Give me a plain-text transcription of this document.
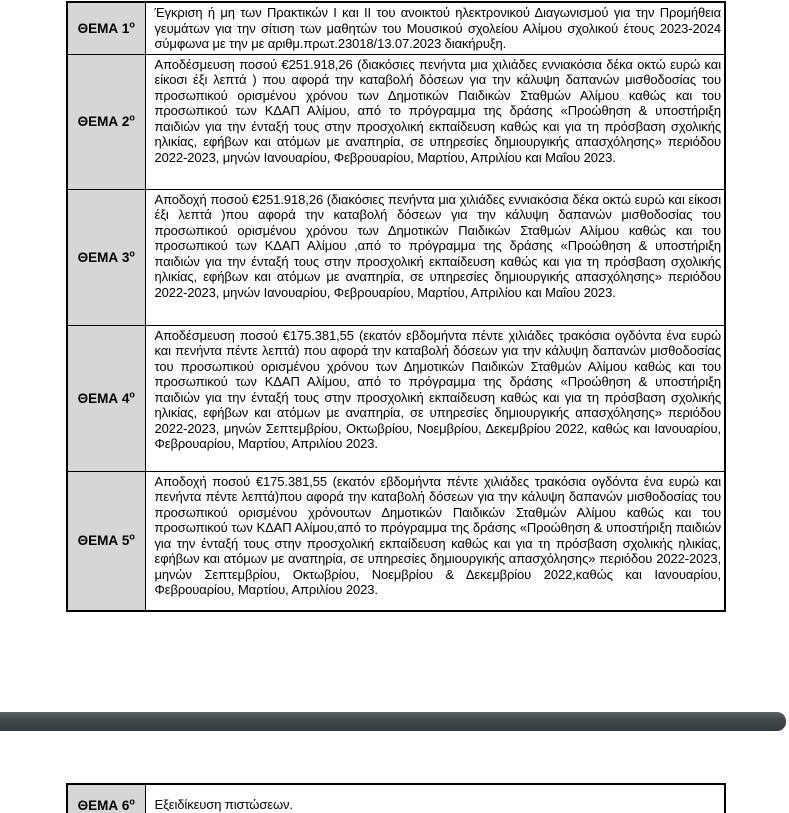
ΘΕΜΑ $1^o$	Έγκριση ή μη των Πρακτικών Ι και ΙΙ του ανοικτού ηλεκτρονικού Διαγωνισμού για την Προμήθεια γευμάτων για την σίτιση των μαθητών του Μουσικού σχολείου Αλίμου σχολικού έτους 2023-2024 σύμφωνα με την με αριθμ.πρωτ.23018/13.07.2023 διακήρυξη.
ΘΕΜΑ $2^o$	Αποδέσμευση ποσού €251.918,26 (διακόσιες πενήντα μια χιλιάδες εννιακόσια δέκα οκτώ ευρώ και είκοσι έξι λεπτά ) που αφορά την καταβολή δόσεων για την κάλυψη δαπανών μισθοδοσίας του προσωπικού ορισμένου χρόνου των Δημοτικών Παιδικών Σταθμών Αλίμου καθώς και του προσωπικού των ΚΔΑΠ Αλίμου, από το πρόγραμμα της δράσης «Προώθηση & υποστήριξη παιδιών για την ένταξή τους στην προσχολική εκπαίδευση καθώς και για τη πρόσβαση σχολικής ηλικίας, εφήβων και ατόμων με αναπηρία, σε υπηρεσίες δημιουργικής απασχόλησης» περιόδου 2022-2023, μηνών Ιανουαρίου, Φεβρουαρίου, Μαρτίου, Απριλίου και Μαΐου 2023.
ΘΕΜΑ $3^o$	Αποδοχή ποσού €251.918,26 (διακόσιες πενήντα μια χιλιάδες εννιακόσια δέκα οκτώ ευρώ και είκοσι έξι λεπτά )που αφορά την καταβολή δόσεων για την κάλυψη δαπανών μισθοδοσίας του προσωπικού ορισμένου χρόνου των Δημοτικών Παιδικών Σταθμών Αλίμου καθώς και του προσωπικού των ΚΔΑΠ Αλίμου ,από το πρόγραμμα της δράσης «Προώθηση & υποστήριξη παιδιών για την ένταξή τους στην προσχολική εκπαίδευση καθώς και για τη πρόσβαση σχολικής ηλικίας, εφήβων και ατόμων με αναπηρία, σε υπηρεσίες δημιουργικής απασχόλησης» περιόδου 2022-2023, μηνών Ιανουαρίου, Φεβρουαρίου, Μαρτίου, Απριλίου και Μαΐου 2023.
ΘΕΜΑ $4^o$	Αποδέσμευση ποσού €175.381,55 (εκατόν εβδομήντα πέντε χιλιάδες τρακόσια ογδόντα ένα ευρώ και πενήντα πέντε λεπτά) που αφορά την καταβολή δόσεων για την κάλυψη δαπανών μισθοδοσίας του προσωπικού ορισμένου χρόνου των Δημοτικών Παιδικών Σταθμών Αλίμου καθώς και του προσωπικού των ΚΔΑΠ Αλίμου, από το πρόγραμμα της δράσης «Προώθηση & υποστήριξη παιδιών για την ένταξή τους στην προσχολική εκπαίδευση καθώς και για τη πρόσβαση σχολικής ηλικίας, εφήβων και ατόμων με αναπηρία, σε υπηρεσίες δημιουργικής απασχόλησης» περιόδου 2022-2023, μηνών Σεπτεμβρίου, Οκτωβρίου, Νοεμβρίου, Δεκεμβρίου 2022, καθώς και Ιανουαρίου, Φεβρουαρίου, Μαρτίου, Απριλίου 2023.
ΘΕΜΑ $5^o$	Αποδοχή ποσού €175.381,55 (εκατόν εβδομήντα πέντε χιλιάδες τρακόσια ογδόντα ένα ευρώ και πενήντα πέντε λεπτά)που αφορά την καταβολή δόσεων για την κάλυψη δαπανών μισθοδοσίας του προσωπικού ορισμένου χρόνουτων Δημοτικών Παιδικών Σταθμών Αλίμου καθώς και του προσωπικού των ΚΔΑΠ Αλίμου,από το πρόγραμμα της δράσης «Προώθηση & υποστήριξη παιδιών για την ένταξή τους στην προσχολική εκπαίδευση καθώς και για τη πρόσβαση σχολικής ηλικίας, εφήβων και ατόμων με αναπηρία, σε υπηρεσίες δημιουργικής απασχόλησης» περιόδου 2022-2023, μηνών Σεπτεμβρίου, Οκτωβρίου, Νοεμβρίου & Δεκεμβρίου 2022,καθώς και Ιανουαρίου, Φεβρουαρίου, Μαρτίου, Απριλίου 2023.
ΘΕΜΑ $6^o$	Εξειδίκευση πιστώσεων.
